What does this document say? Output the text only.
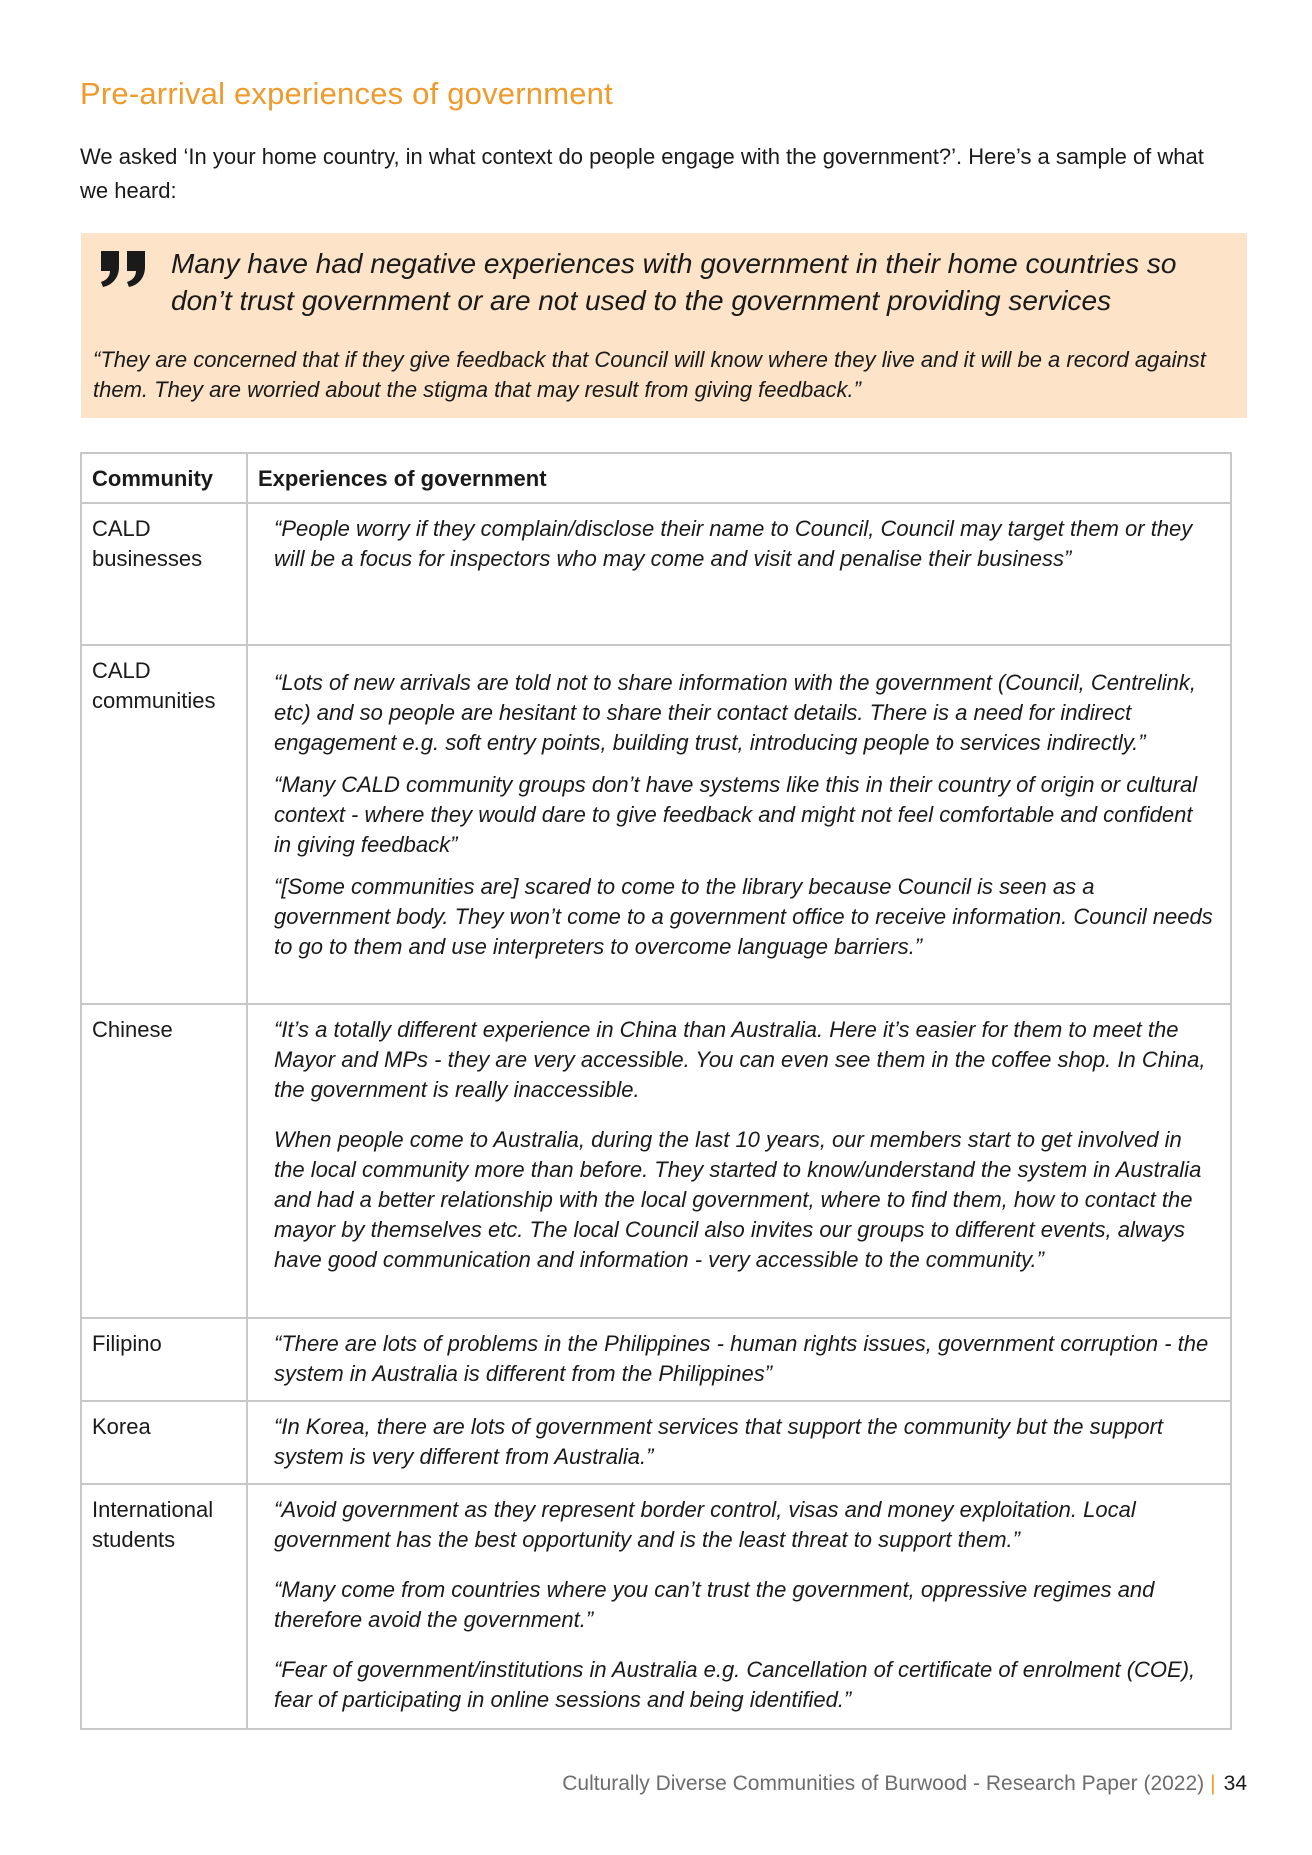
Pre-arrival experiences of government

We asked ‘In your home country, in what context do people engage with the government?’. Here’s a sample of what we heard:

Many have had negative experiences with government in their home countries so don’t trust government or are not used to the government providing services

“They are concerned that if they give feedback that Council will know where they live and it will be a record against them. They are worried about the stigma that may result from giving feedback.”

Community	Experiences of government
CALD businesses	“People worry if they complain/disclose their name to Council, Council may target them or they will be a focus for inspectors who may come and visit and penalise their business”

CALD communities	“Lots of new arrivals are told not to share information with the government (Council, Centrelink, etc) and so people are hesitant to share their contact details. There is a need for indirect engagement e.g. soft entry points, building trust, introducing people to services indirectly.”

“Many CALD community groups don’t have systems like this in their country of origin or cultural context - where they would dare to give feedback and might not feel comfortable and confident in giving feedback”

“[Some communities are] scared to come to the library because Council is seen as a government body. They won’t come to a government office to receive information. Council needs to go to them and use interpreters to overcome language barriers.”

Chinese	“It’s a totally different experience in China than Australia. Here it’s easier for them to meet the Mayor and MPs - they are very accessible. You can even see them in the coffee shop. In China, the government is really inaccessible.

When people come to Australia, during the last 10 years, our members start to get involved in the local community more than before. They started to know/understand the system in Australia and had a better relationship with the local government, where to find them, how to contact the mayor by themselves etc. The local Council also invites our groups to different events, always have good communication and information - very accessible to the community.”

Filipino	“There are lots of problems in the Philippines - human rights issues, government corruption - the system in Australia is different from the Philippines”

Korea	“In Korea, there are lots of government services that support the community but the support system is very different from Australia.”

International students	“Avoid government as they represent border control, visas and money exploitation. Local government has the best opportunity and is the least threat to support them.”

“Many come from countries where you can’t trust the government, oppressive regimes and therefore avoid the government.”

“Fear of government/institutions in Australia e.g. Cancellation of certificate of enrolment (COE), fear of participating in online sessions and being identified.”

Culturally Diverse Communities of Burwood - Research Paper (2022) | 34
